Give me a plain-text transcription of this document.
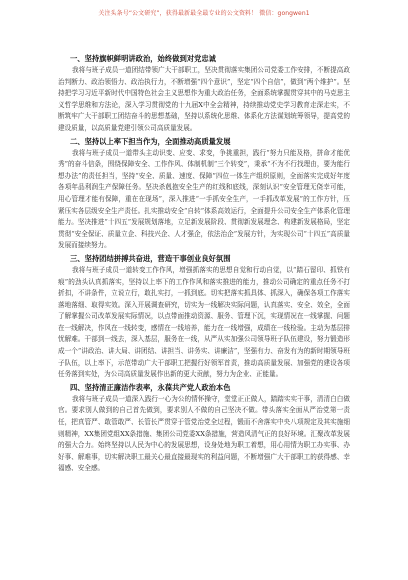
关注头条号“公文研究”，获得最新最全最专业的公文资料！ 微信：gongwen1
一、坚持旗帜鲜明讲政治，始终做到对党忠诚

我将与班子成员一道团结带领广大干部职工，坚决贯彻落实集团公司党委工作安排，不断提高政治判断力、政治领悟力、政治执行力，不断增强“四个意识”，坚定“四个自信”，做到“两个维护”。坚持把学习习近平新时代中国特色社会主义思想作为重大政治任务，全面系统掌握贯穿其中的马克思主义哲学思维和方法论，深入学习贯彻党的十九届X中全会精神，持续推动党史学习教育走深走实，不断筑牢广大干部职工团结奋斗的思想基础，坚持以系统化思维、体系化方法谋划统筹领导，提高党的建设质量，以高质量党建引领公司高质量发展。

二、坚持以上率下担当作为，全面推动高质量发展

我将与班子成员一道带头主动识变、应变、求变，争挑重担，践行“努力只能及格，拼命才能优秀”的奋斗信条，围绕保障安全、工作作风、体制机制“三个转变”，秉承“不为不行找理由，要为能行想办法”的责任担当，坚持“安全、质量、速度、保障”四位一体生产组织原则，全面落实完成好年度各项年品利润生产保障任务。坚决杀剋抱安全生产的红线和底线，深刻认识“安全管理无侥幸可能，用心管理才能有保障，重在在现场”，深入推进“一手抓安全生产，一手抓改革发展”的工作方针，压紧压实各层级安全生产责任。扎实推动安全“自转”体系高效运行，全面提升公司安全生产体系化管理能力。坚决推进“十四五”发展规划落地，立足新发展阶段、贯彻新发展理念、构建新发展格局，坚定贯彻“安全保证、质量立企、科技兴企、人才强企，依法治企”发展方针，为实现公司“十四五”高质量发展而接续努力。

三、坚持团结拼搏共奋进，营造干事创业良好氛围

我将与班子成员一道转变工作作风，增强抓落实的思想自觉和行动自觉，以“踏石留印、抓铁有痕”的劲头认真抓落实，坚持以上率下的工作作风和落实推进的能力，推动公司确定的重点任务不打折扣，不讲条件，立说立行，敢扎实打，一抓到底。切实把落实抓具体、抓深入，确保各项工作落实落地落细、取得实效。深入开展调查研究，切实为一线解决实际问题，认真落实、安全、效全，全面了解掌握公司改革发展实际情况，以点带面推动资源、服务、管理下沉，实现情况在一线掌握、问题在一线解决，作风在一线转变，感情在一线培养，能力在一线增强，成绩在一线检验。主动为基层排忧解难。干部到一线去，深入基层，服务在一线，从严从实加强公司领导班子队伍建设，努力锻造形成一个“讲政治、讲大局、讲团结、讲担当、讲务实、讲廉洁”，坚强有力、奋发有为的新时期领导班子队伍，以上率下，示范带动广大干部职工把握行好领军首责，推动高质量发展、加强党的建设各项任务落到实处，为公司高质量发展作出新的更大贡献，努力为企业、正能量。

四、坚持清正廉洁作表率，永葆共产党人政治本色

我将与班子成员一道深入践行一心为公的情怀操守，堂堂正正做人，踏踏实实干事，清清白白做官。要求别人做到的自己首先做到，要求别人不做的自己坚决不做。带头落实全面从严治党第一责任，把真管严、敢管敢严、长管长严贯穿于管党治党全过程，锻而不舍落实中央八项规定及其实施细则精神，XX集团党组XX条措施、集团公司党委XX条措施，营造风清气正的良好环境。汇聚改革发展的强大合力。始终坚持以人民为中心的发展思想，设身处地为职工着想，用心用情为职工办实事、办好事、解难事，切实解决职工最关心最直接最现实的利益问题，不断增强广大干部职工的获得感、幸福感、安全感。
